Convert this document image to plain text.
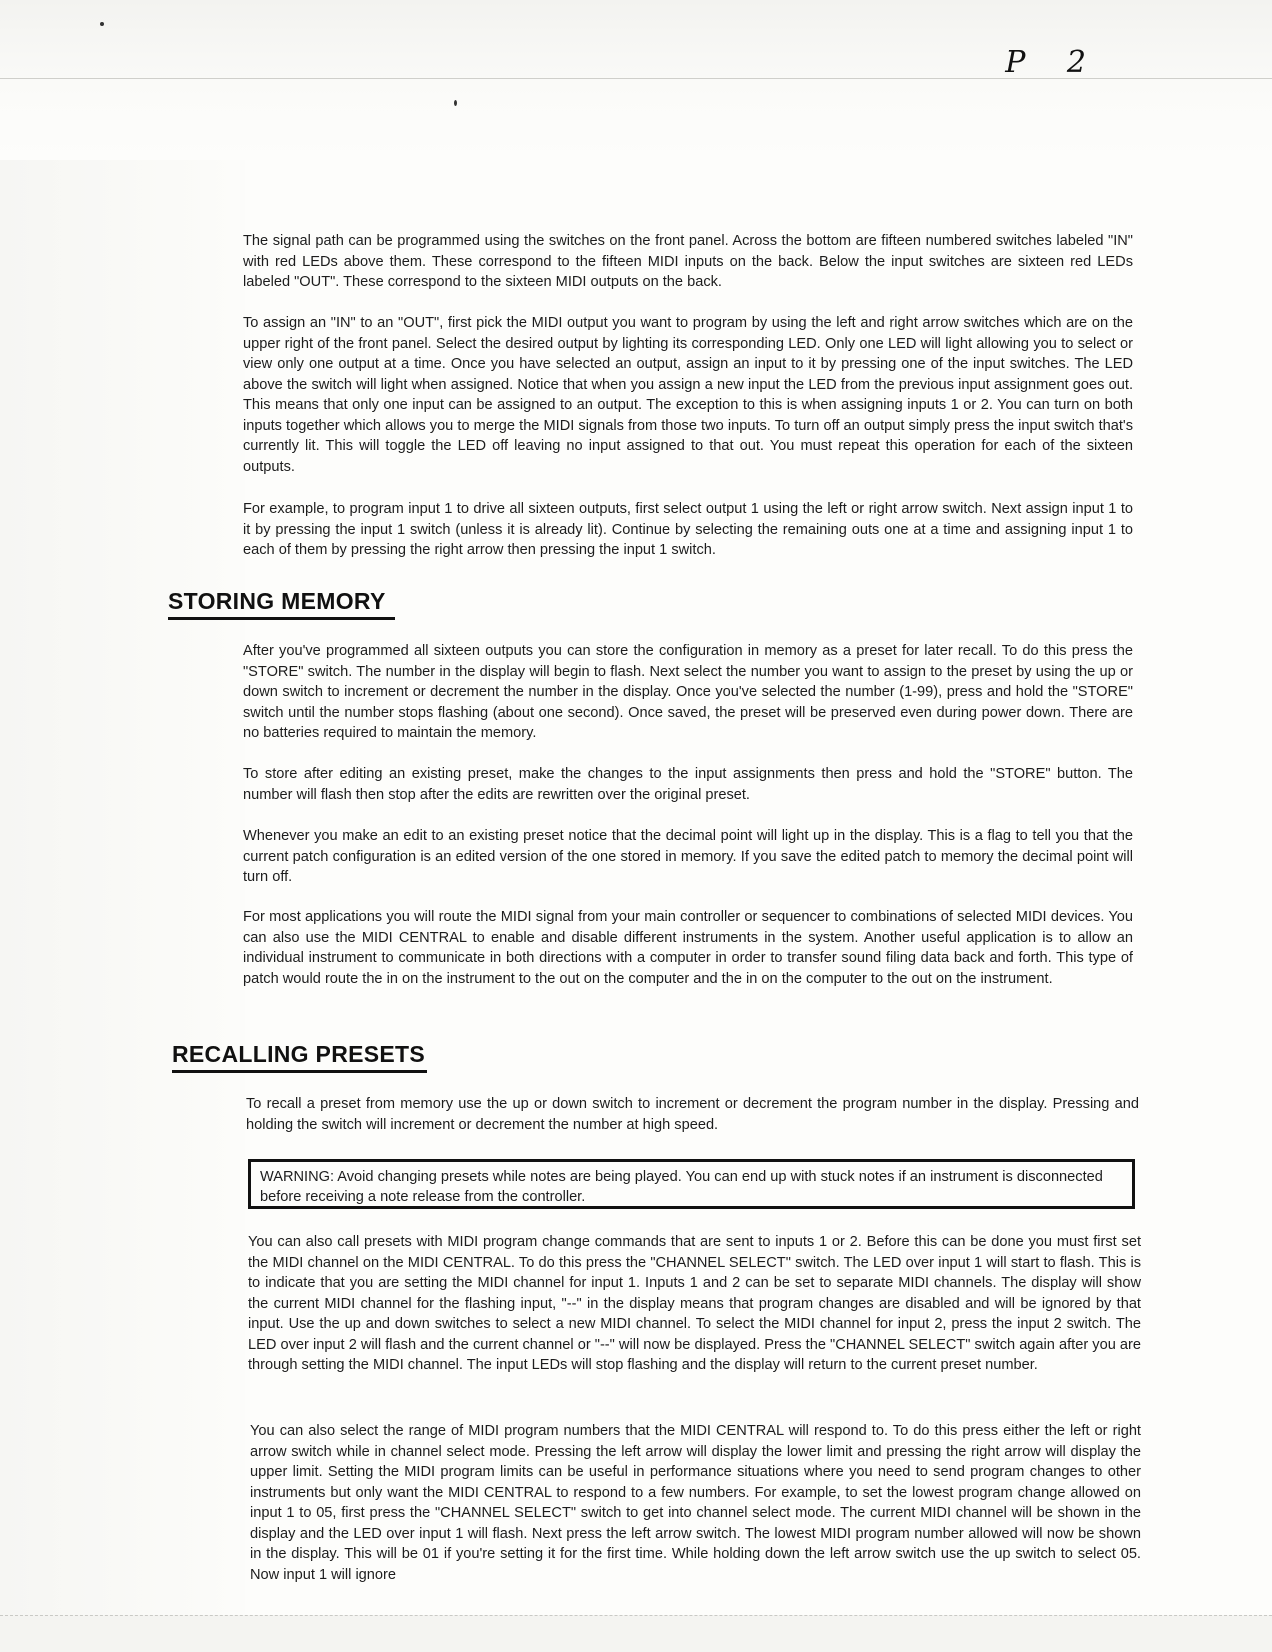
P 2

The signal path can be programmed using the switches on the front panel. Across the bottom are fifteen numbered switches labeled "IN" with red LEDs above them. These correspond to the fifteen MIDI inputs on the back. Below the input switches are sixteen red LEDs labeled "OUT". These correspond to the sixteen MIDI outputs on the back.

To assign an "IN" to an "OUT", first pick the MIDI output you want to program by using the left and right arrow switches which are on the upper right of the front panel. Select the desired output by lighting its corresponding LED. Only one LED will light allowing you to select or view only one output at a time. Once you have selected an output, assign an input to it by pressing one of the input switches. The LED above the switch will light when assigned. Notice that when you assign a new input the LED from the previous input assignment goes out. This means that only one input can be assigned to an output. The exception to this is when assigning inputs 1 or 2. You can turn on both inputs together which allows you to merge the MIDI signals from those two inputs. To turn off an output simply press the input switch that's currently lit. This will toggle the LED off leaving no input assigned to that out. You must repeat this operation for each of the sixteen outputs.

For example, to program input 1 to drive all sixteen outputs, first select output 1 using the left or right arrow switch. Next assign input 1 to it by pressing the input 1 switch (unless it is already lit). Continue by selecting the remaining outs one at a time and assigning input 1 to each of them by pressing the right arrow then pressing the input 1 switch.

STORING MEMORY

After you've programmed all sixteen outputs you can store the configuration in memory as a preset for later recall. To do this press the "STORE" switch. The number in the display will begin to flash. Next select the number you want to assign to the preset by using the up or down switch to increment or decrement the number in the display. Once you've selected the number (1-99), press and hold the "STORE" switch until the number stops flashing (about one second). Once saved, the preset will be preserved even during power down. There are no batteries required to maintain the memory.

To store after editing an existing preset, make the changes to the input assignments then press and hold the "STORE" button. The number will flash then stop after the edits are rewritten over the original preset.

Whenever you make an edit to an existing preset notice that the decimal point will light up in the display. This is a flag to tell you that the current patch configuration is an edited version of the one stored in memory. If you save the edited patch to memory the decimal point will turn off.

For most applications you will route the MIDI signal from your main controller or sequencer to combinations of selected MIDI devices. You can also use the MIDI CENTRAL to enable and disable different instruments in the system. Another useful application is to allow an individual instrument to communicate in both directions with a computer in order to transfer sound filing data back and forth. This type of patch would route the in on the instrument to the out on the computer and the in on the computer to the out on the instrument.

RECALLING PRESETS

To recall a preset from memory use the up or down switch to increment or decrement the program number in the display. Pressing and holding the switch will increment or decrement the number at high speed.

WARNING: Avoid changing presets while notes are being played. You can end up with stuck notes if an instrument is disconnected before receiving a note release from the controller.

You can also call presets with MIDI program change commands that are sent to inputs 1 or 2. Before this can be done you must first set the MIDI channel on the MIDI CENTRAL. To do this press the "CHANNEL SELECT" switch. The LED over input 1 will start to flash. This is to indicate that you are setting the MIDI channel for input 1. Inputs 1 and 2 can be set to separate MIDI channels. The display will show the current MIDI channel for the flashing input, "--" in the display means that program changes are disabled and will be ignored by that input. Use the up and down switches to select a new MIDI channel. To select the MIDI channel for input 2, press the input 2 switch. The LED over input 2 will flash and the current channel or "--" will now be displayed. Press the "CHANNEL SELECT" switch again after you are through setting the MIDI channel. The input LEDs will stop flashing and the display will return to the current preset number.

You can also select the range of MIDI program numbers that the MIDI CENTRAL will respond to. To do this press either the left or right arrow switch while in channel select mode. Pressing the left arrow will display the lower limit and pressing the right arrow will display the upper limit. Setting the MIDI program limits can be useful in performance situations where you need to send program changes to other instruments but only want the MIDI CENTRAL to respond to a few numbers. For example, to set the lowest program change allowed on input 1 to 05, first press the "CHANNEL SELECT" switch to get into channel select mode. The current MIDI channel will be shown in the display and the LED over input 1 will flash. Next press the left arrow switch. The lowest MIDI program number allowed will now be shown in the display. This will be 01 if you're setting it for the first time. While holding down the left arrow switch use the up switch to select 05. Now input 1 will ignore
